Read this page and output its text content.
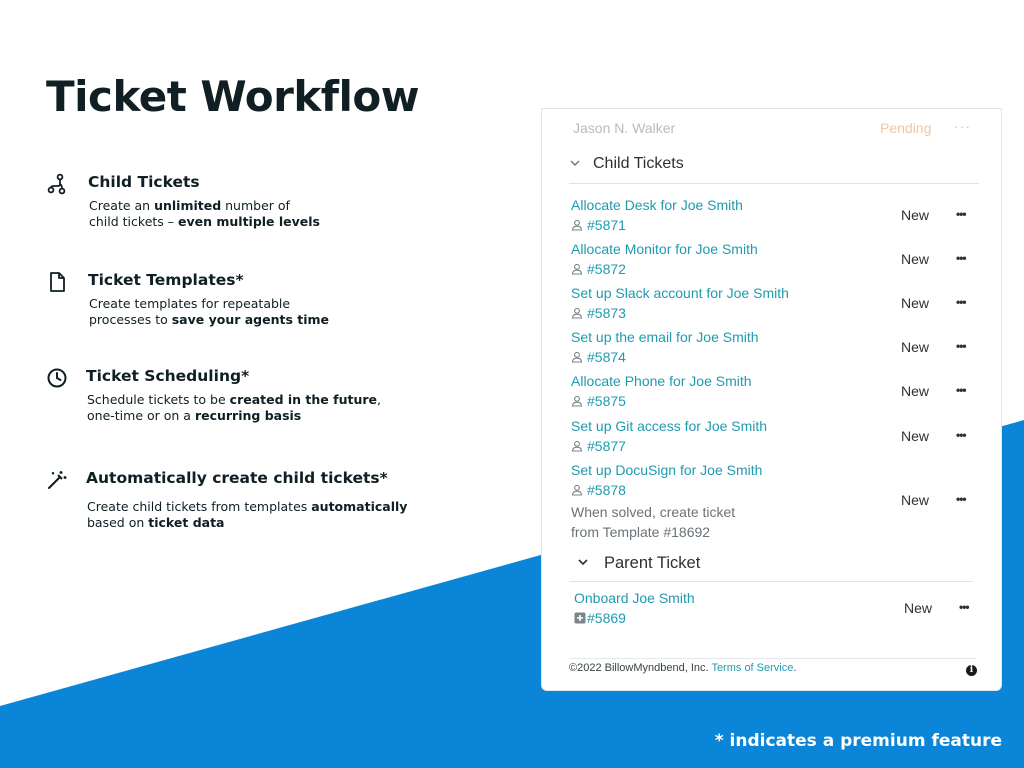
Ticket Workflow

Child Tickets

Create an unlimited number of
child tickets – even multiple levels

Ticket Templates*

Create templates for repeatable
processes to save your agents time

Ticket Scheduling*

Schedule tickets to be created in the future,
one-time or on a recurring basis

Automatically create child tickets*

Create child tickets from templates automatically
based on ticket data

Jason N. Walker	Pending ···
Child Tickets
Allocate Desk for Joe Smith
#5871
New •••
Allocate Monitor for Joe Smith
#5872
New •••
Set up Slack account for Joe Smith
#5873
New •••
Set up the email for Joe Smith
#5874
New •••
Allocate Phone for Joe Smith
#5875
New •••
Set up Git access for Joe Smith
#5877
New •••
Set up DocuSign for Joe Smith
#5878
New •••
When solved, create ticket
from Template #18692
Parent Ticket
Onboard Joe Smith
#5869
New •••
©2022 BillowMyndbend, Inc. Terms of Service.	i

* indicates a premium feature
